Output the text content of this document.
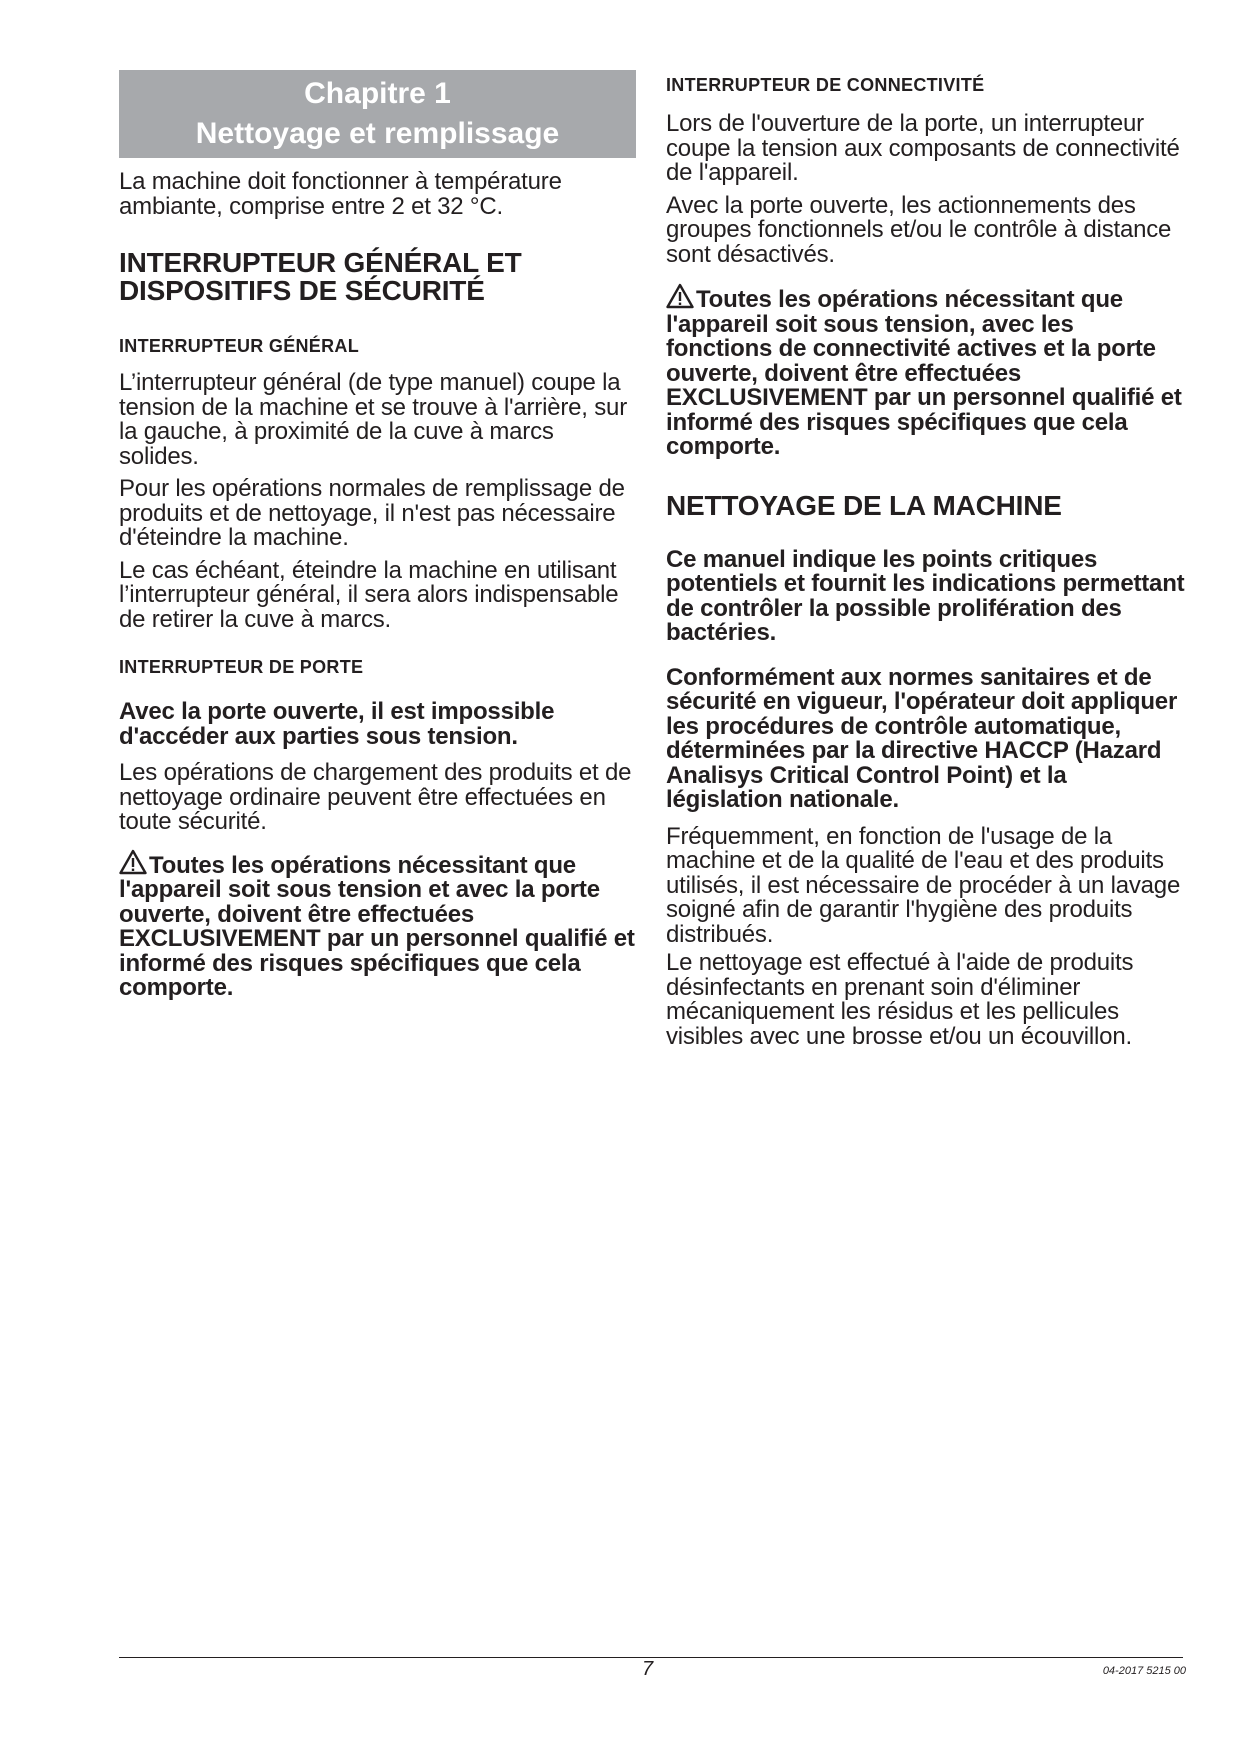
Chapitre 1
Nettoyage et remplissage

La machine doit fonctionner à température ambiante, comprise entre 2 et 32 °C.

INTERRUPTEUR GÉNÉRAL ET DISPOSITIFS DE SÉCURITÉ
INTERRUPTEUR GÉNÉRAL

L’interrupteur général (de type manuel) coupe la tension de la machine et se trouve à l'arrière, sur la gauche, à proximité de la cuve à marcs solides.

Pour les opérations normales de remplissage de produits et de nettoyage, il n'est pas nécessaire d'éteindre la machine.

Le cas échéant, éteindre la machine en utilisant l’interrupteur général, il sera alors indispensable de retirer la cuve à marcs.

INTERRUPTEUR DE PORTE

Avec la porte ouverte, il est impossible d'accéder aux parties sous tension.

Les opérations de chargement des produits et de nettoyage ordinaire peuvent être effectuées en toute sécurité.

Toutes les opérations nécessitant que l'appareil soit sous tension et avec la porte ouverte, doivent être effectuées EXCLUSIVEMENT par un personnel qualifié et informé des risques spécifiques que cela comporte.

INTERRUPTEUR DE CONNECTIVITÉ

Lors de l'ouverture de la porte, un interrupteur coupe la tension aux composants de connectivité de l'appareil.

Avec la porte ouverte, les actionnements des groupes fonctionnels et/ou le contrôle à distance sont désactivés.

Toutes les opérations nécessitant que l'appareil soit sous tension, avec les fonctions de connectivité actives et la porte ouverte, doivent être effectuées EXCLUSIVEMENT par un personnel qualifié et informé des risques spécifiques que cela comporte.

NETTOYAGE DE LA MACHINE

Ce manuel indique les points critiques potentiels et fournit les indications permettant de contrôler la possible prolifération des bactéries.

Conformément aux normes sanitaires et de sécurité en vigueur, l'opérateur doit appliquer les procédures de contrôle automatique, déterminées par la directive HACCP (Hazard Analisys Critical Control Point) et la législation nationale.

Fréquemment, en fonction de l'usage de la machine et de la qualité de l'eau et des produits utilisés, il est nécessaire de procéder à un lavage soigné afin de garantir l'hygiène des produits distribués.

Le nettoyage est effectué à l'aide de produits désinfectants en prenant soin d'éliminer mécaniquement les résidus et les pellicules visibles avec une brosse et/ou un écouvillon.

7	04-2017 5215 00
